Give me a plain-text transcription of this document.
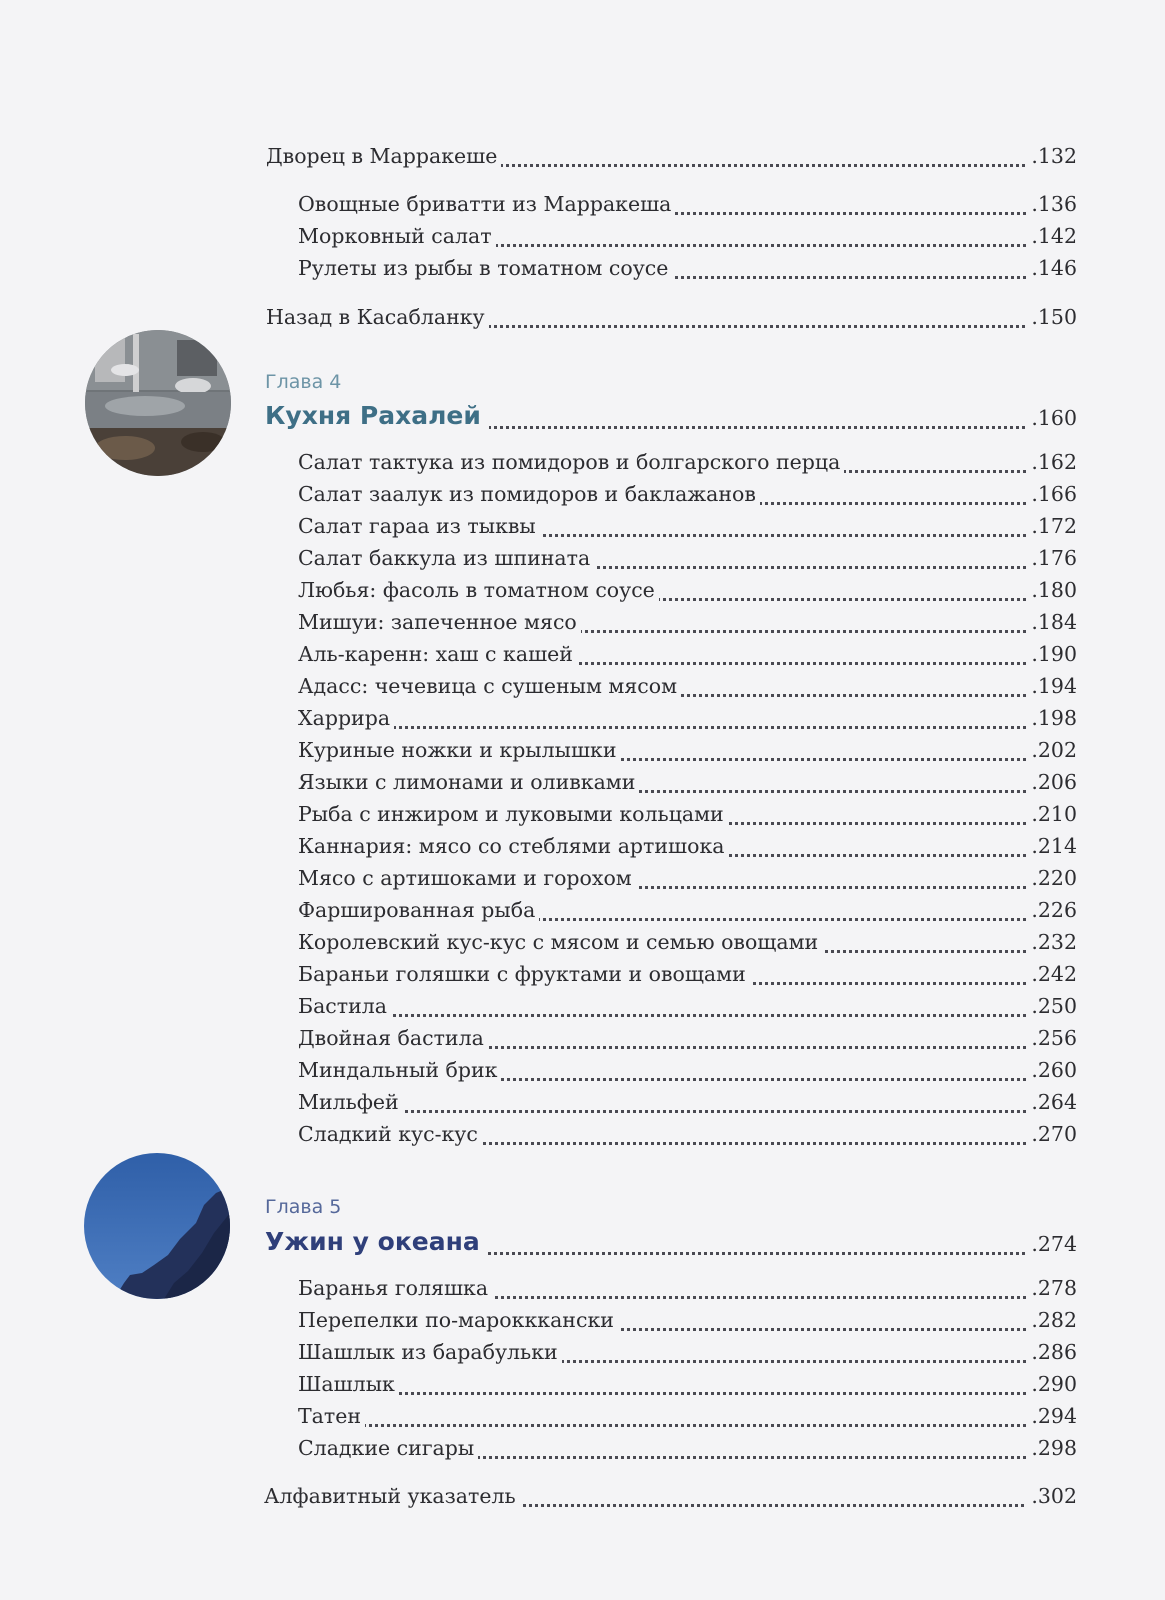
Дворец в Марракеше	.132
Овощные бриватти из Марракеша	.136
Морковный салат	.142
Рулеты из рыбы в томатном соусе	.146
Назад в Касабланку	.150
Глава 4
Кухня Рахалей	.160
Салат тактука из помидоров и болгарского перца	.162
Салат заалук из помидоров и баклажанов	.166
Салат гараа из тыквы	.172
Салат баккула из шпината	.176
Любья: фасоль в томатном соусе	.180
Мишуи: запеченное мясо	.184
Аль-каренн: хаш с кашей	.190
Адасс: чечевица с сушеным мясом	.194
Харрира	.198
Куриные ножки и крылышки	.202
Языки с лимонами и оливками	.206
Рыба с инжиром и луковыми кольцами	.210
Каннария: мясо со стеблями артишока	.214
Мясо с артишоками и горохом	.220
Фаршированная рыба	.226
Королевский кус-кус с мясом и семью овощами	.232
Бараньи голяшки с фруктами и овощами	.242
Бастила	.250
Двойная бастила	.256
Миндальный брик	.260
Мильфей	.264
Сладкий кус-кус	.270
Глава 5
Ужин у океана	.274
Баранья голяшка	.278
Перепелки по-марокккански	.282
Шашлык из барабульки	.286
Шашлык	.290
Татен	.294
Сладкие сигары	.298
Алфавитный указатель	.302
